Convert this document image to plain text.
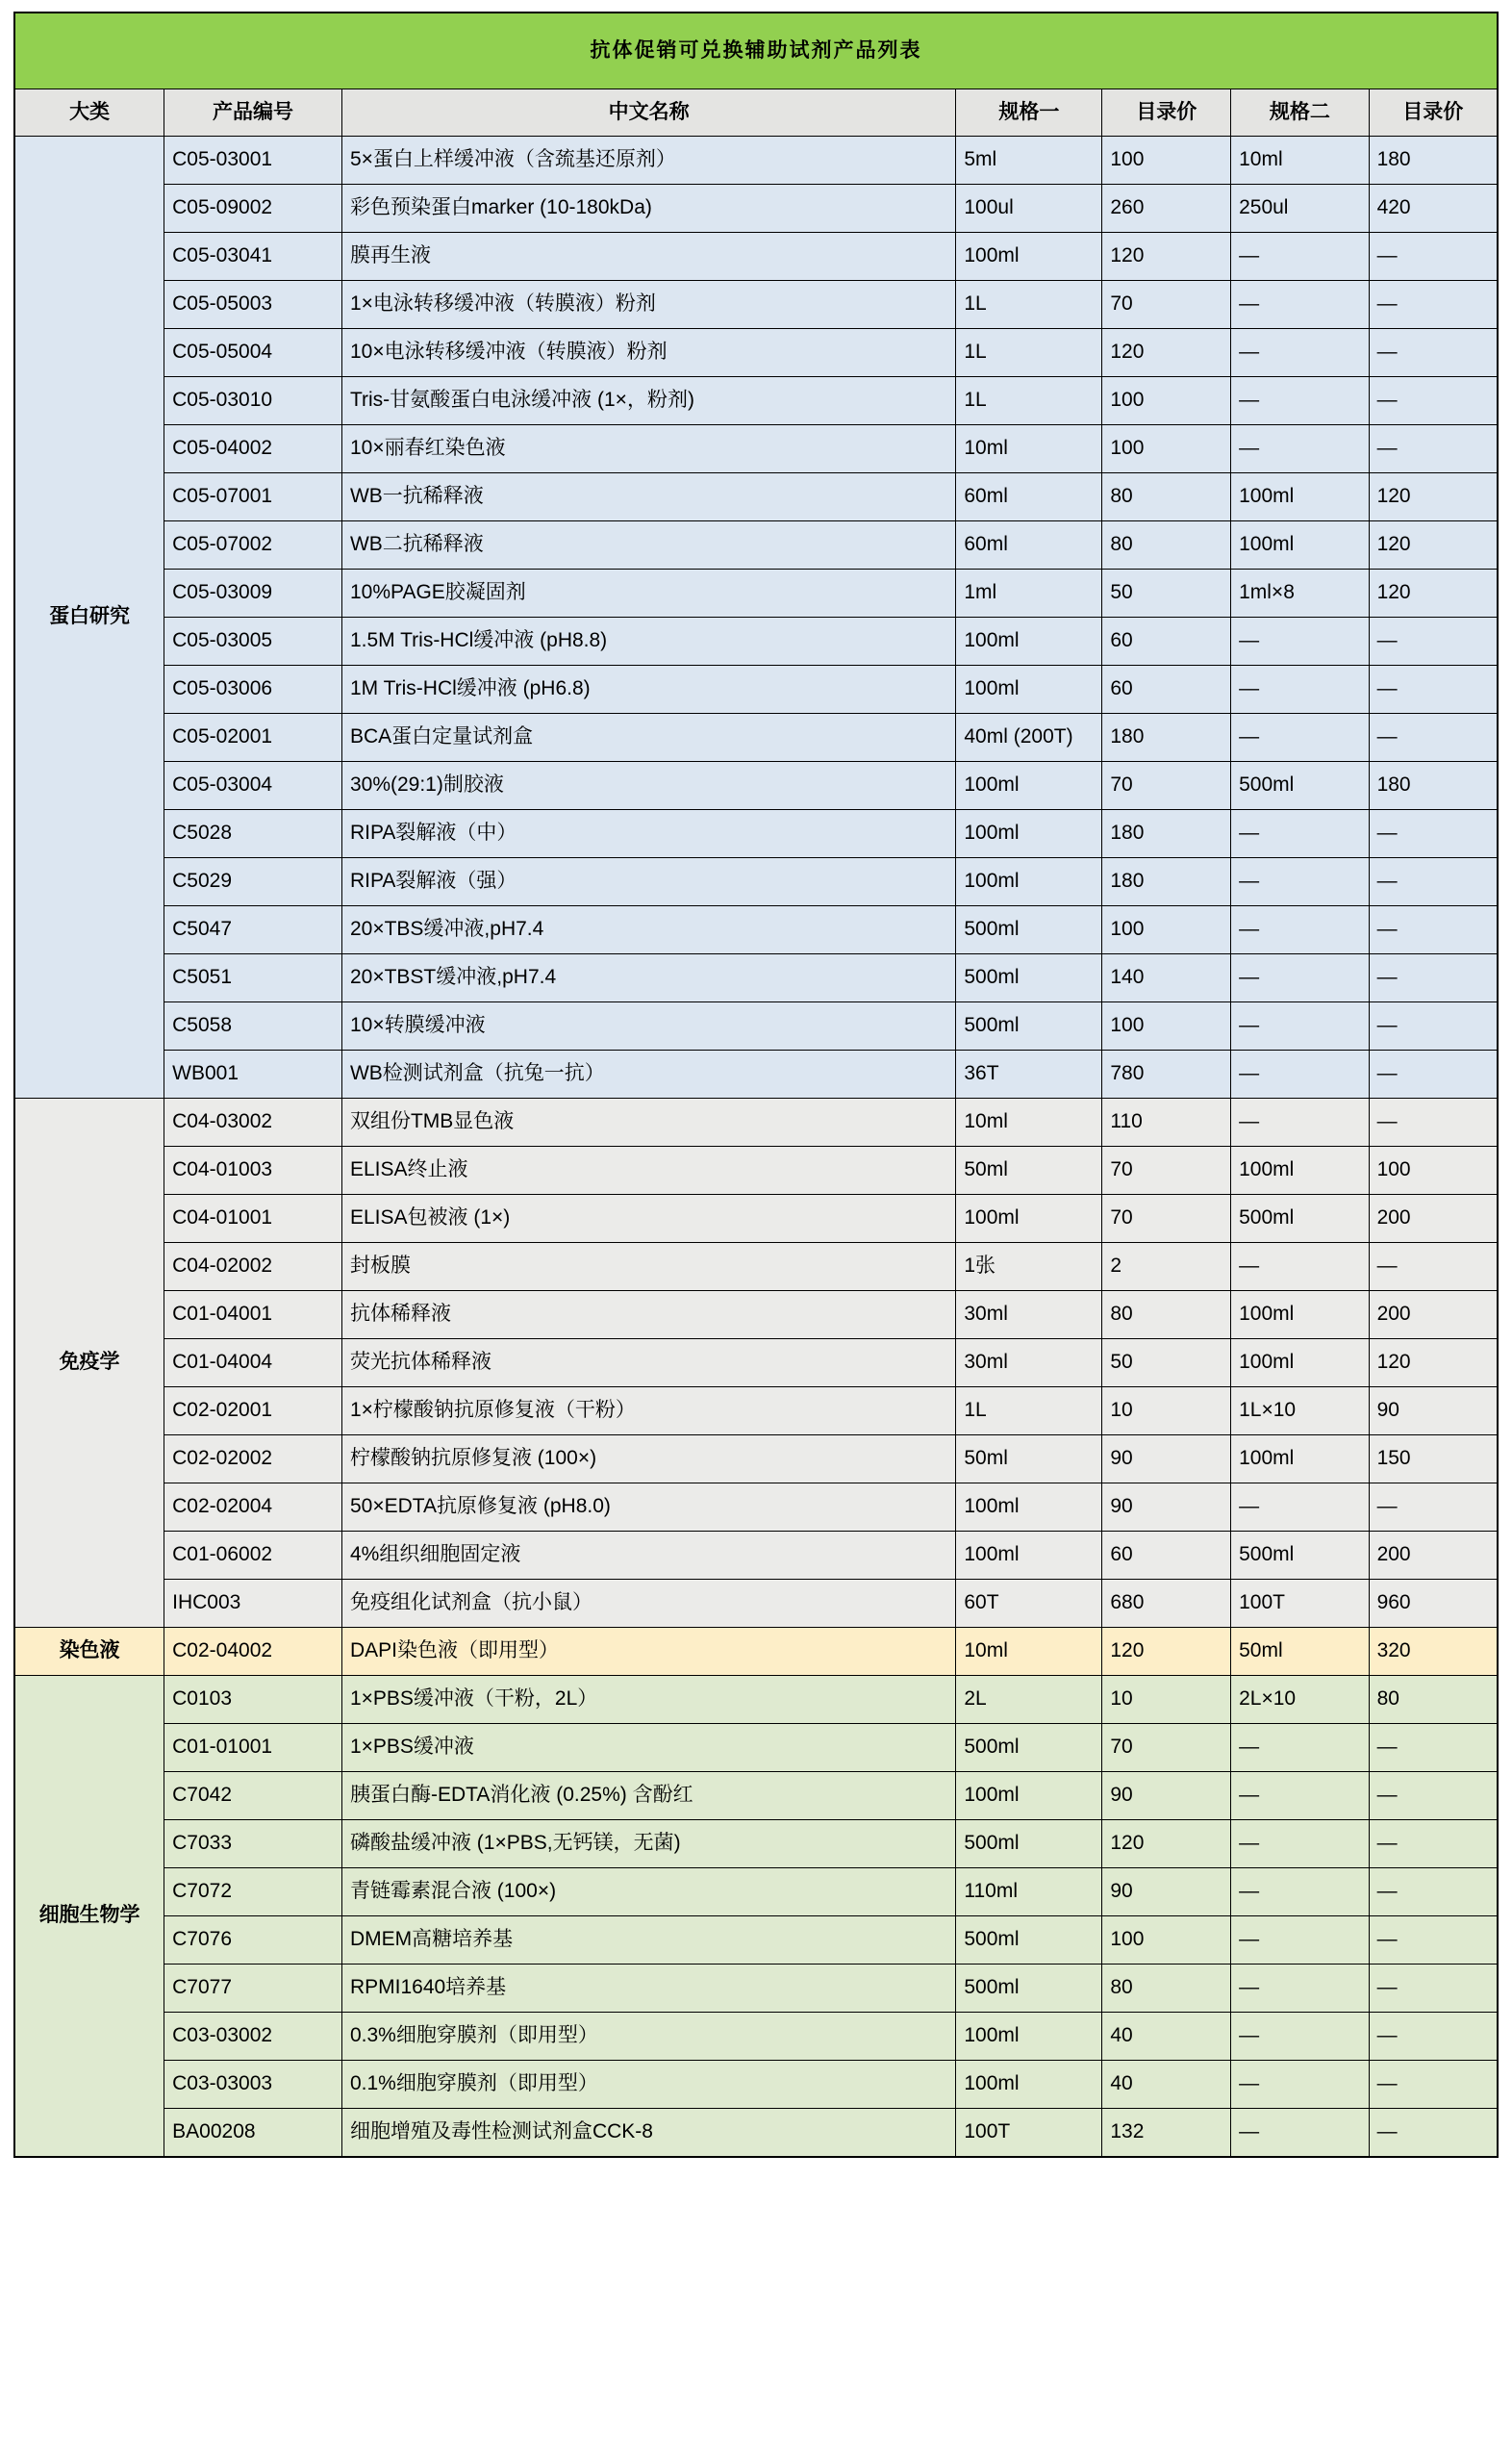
抗体促销可兑换辅助试剂产品列表						
大类	产品编号	中文名称	规格一	目录价	规格二	目录价
蛋白研究	C05-03001	5×蛋白上样缓冲液（含巯基还原剂）	5ml	100	10ml	180
	C05-09002	彩色预染蛋白marker (10-180kDa)	100ul	260	250ul	420
	C05-03041	膜再生液	100ml	120	—	—
	C05-05003	1×电泳转移缓冲液（转膜液）粉剂	1L	70	—	—
	C05-05004	10×电泳转移缓冲液（转膜液）粉剂	1L	120	—	—
	C05-03010	Tris-甘氨酸蛋白电泳缓冲液 (1×，粉剂)	1L	100	—	—
	C05-04002	10×丽春红染色液	10ml	100	—	—
	C05-07001	WB一抗稀释液	60ml	80	100ml	120
	C05-07002	WB二抗稀释液	60ml	80	100ml	120
	C05-03009	10%PAGE胶凝固剂	1ml	50	1ml×8	120
	C05-03005	1.5M Tris-HCl缓冲液 (pH8.8)	100ml	60	—	—
	C05-03006	1M Tris-HCl缓冲液 (pH6.8)	100ml	60	—	—
	C05-02001	BCA蛋白定量试剂盒	40ml (200T)	180	—	—
	C05-03004	30%(29:1)制胶液	100ml	70	500ml	180
	C5028	RIPA裂解液（中）	100ml	180	—	—
	C5029	RIPA裂解液（强）	100ml	180	—	—
	C5047	20×TBS缓冲液,pH7.4	500ml	100	—	—
	C5051	20×TBST缓冲液,pH7.4	500ml	140	—	—
	C5058	10×转膜缓冲液	500ml	100	—	—
	WB001	WB检测试剂盒（抗兔一抗）	36T	780	—	—
免疫学	C04-03002	双组份TMB显色液	10ml	110	—	—
	C04-01003	ELISA终止液	50ml	70	100ml	100
	C04-01001	ELISA包被液 (1×)	100ml	70	500ml	200
	C04-02002	封板膜	1张	2	—	—
	C01-04001	抗体稀释液	30ml	80	100ml	200
	C01-04004	荧光抗体稀释液	30ml	50	100ml	120
	C02-02001	1×柠檬酸钠抗原修复液（干粉）	1L	10	1L×10	90
	C02-02002	柠檬酸钠抗原修复液 (100×)	50ml	90	100ml	150
	C02-02004	50×EDTA抗原修复液 (pH8.0)	100ml	90	—	—
	C01-06002	4%组织细胞固定液	100ml	60	500ml	200
	IHC003	免疫组化试剂盒（抗小鼠）	60T	680	100T	960
染色液	C02-04002	DAPI染色液（即用型）	10ml	120	50ml	320
细胞生物学	C0103	1×PBS缓冲液（干粉，2L）	2L	10	2L×10	80
	C01-01001	1×PBS缓冲液	500ml	70	—	—
	C7042	胰蛋白酶-EDTA消化液 (0.25%) 含酚红	100ml	90	—	—
	C7033	磷酸盐缓冲液 (1×PBS,无钙镁，无菌)	500ml	120	—	—
	C7072	青链霉素混合液 (100×)	110ml	90	—	—
	C7076	DMEM高糖培养基	500ml	100	—	—
	C7077	RPMI1640培养基	500ml	80	—	—
	C03-03002	0.3%细胞穿膜剂（即用型）	100ml	40	—	—
	C03-03003	0.1%细胞穿膜剂（即用型）	100ml	40	—	—
	BA00208	细胞增殖及毒性检测试剂盒CCK-8	100T	132	—	—
